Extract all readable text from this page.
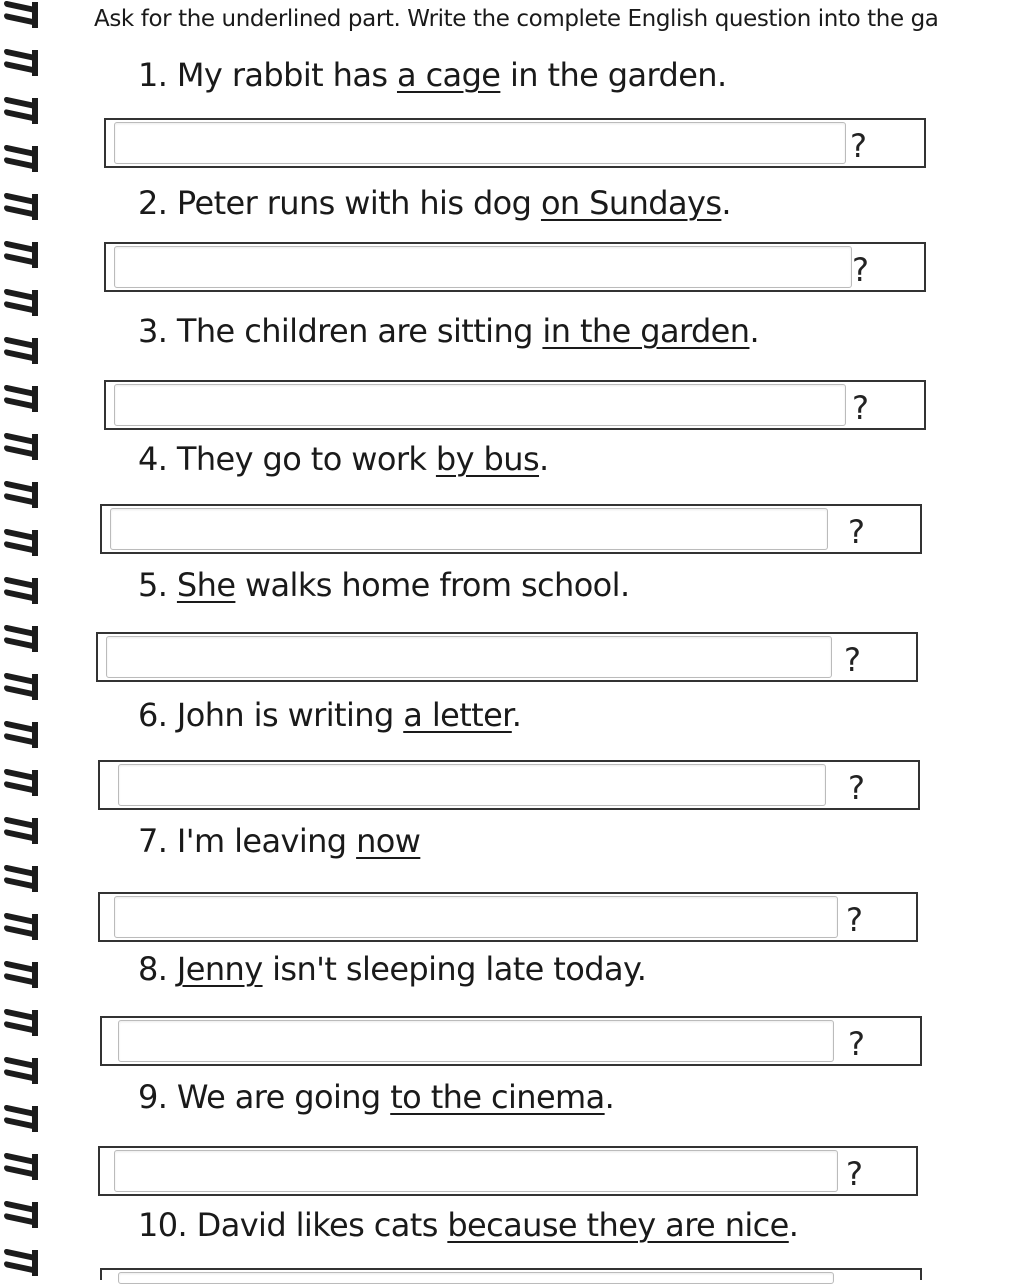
Ask for the underlined part. Write the complete English question into the ga
1. My rabbit has a cage in the garden.
?
2. Peter runs with his dog on Sundays.
?
3. The children are sitting in the garden.
?
4. They go to work by bus.
?
5. She walks home from school.
?
6. John is writing a letter.
?
7. I'm leaving now
?
8. Jenny isn't sleeping late today.
?
9. We are going to the cinema.
?
10. David likes cats because they are nice.
